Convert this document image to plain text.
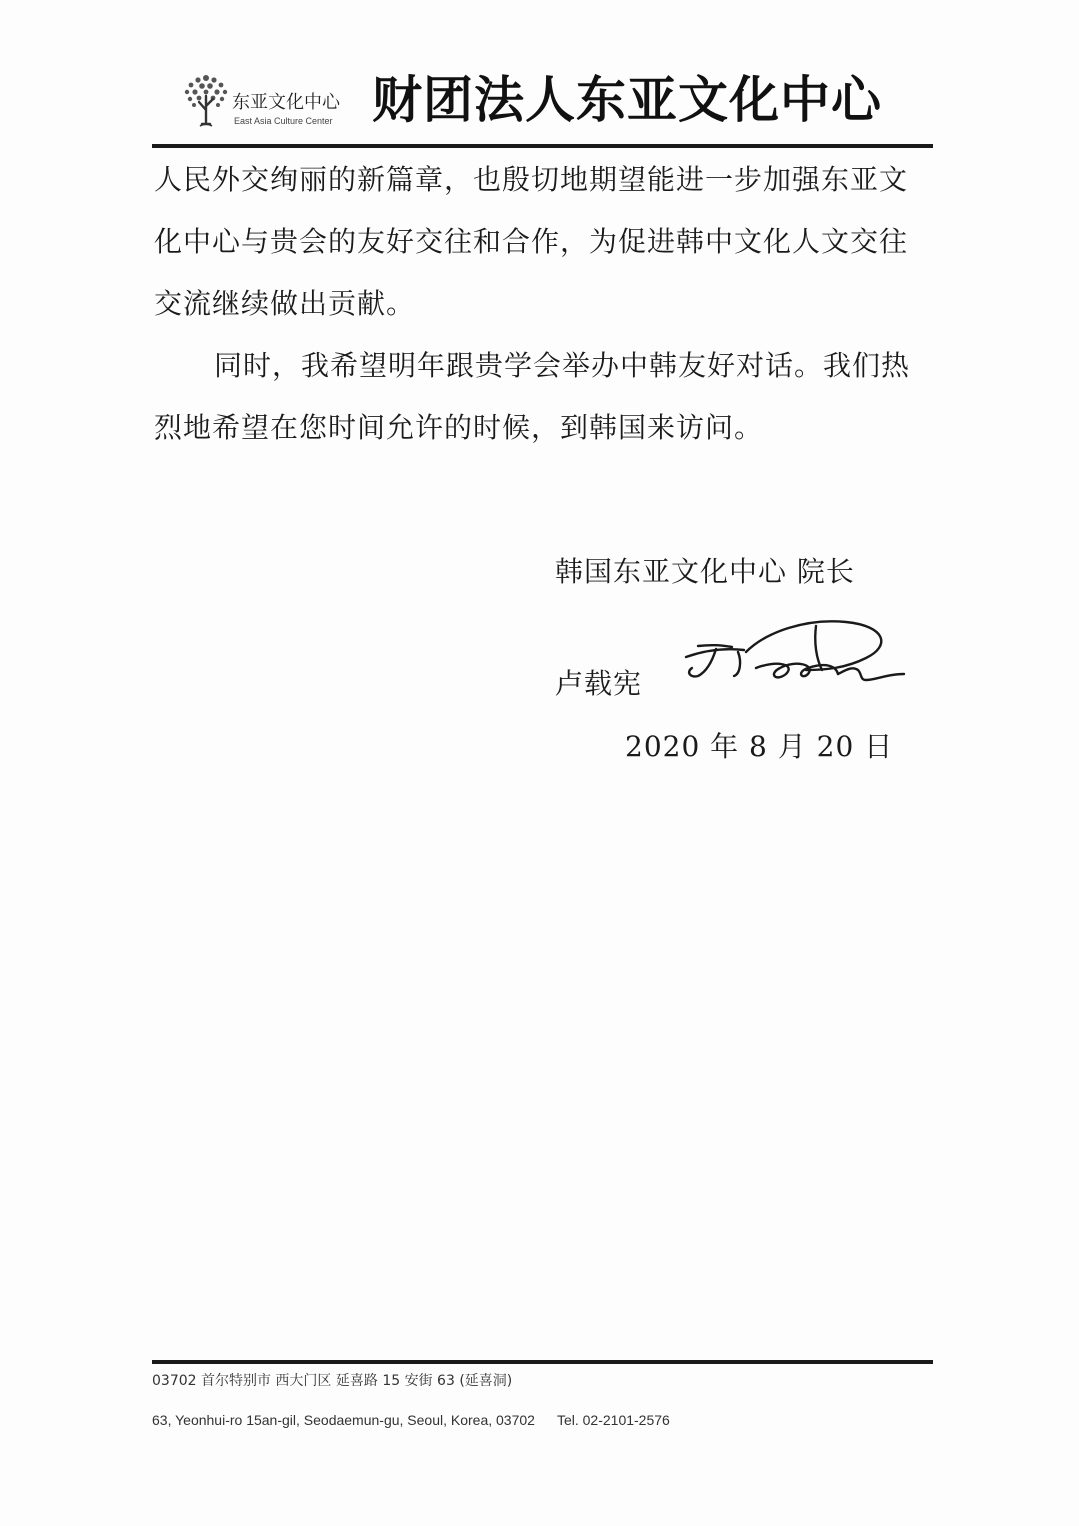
东亚文化中心
East Asia Culture Center 财团法人东亚文化中心
人民外交绚丽的新篇章，也殷切地期望能进一步加强东亚文
化中心与贵会的友好交往和合作，为促进韩中文化人文交往
交流继续做出贡献。
同时，我希望明年跟贵学会举办中韩友好对话。我们热
烈地希望在您时间允许的时候，到韩国来访问。
韩国东亚文化中心 院长
卢载宪
2020 年 8 月 20 日
03702 首尔特别市 西大门区 延喜路 15 安街 63 (延喜洞)
63, Yeonhui-ro 15an-gil, Seodaemun-gu, Seoul, Korea, 03702 Tel. 02-2101-2576
